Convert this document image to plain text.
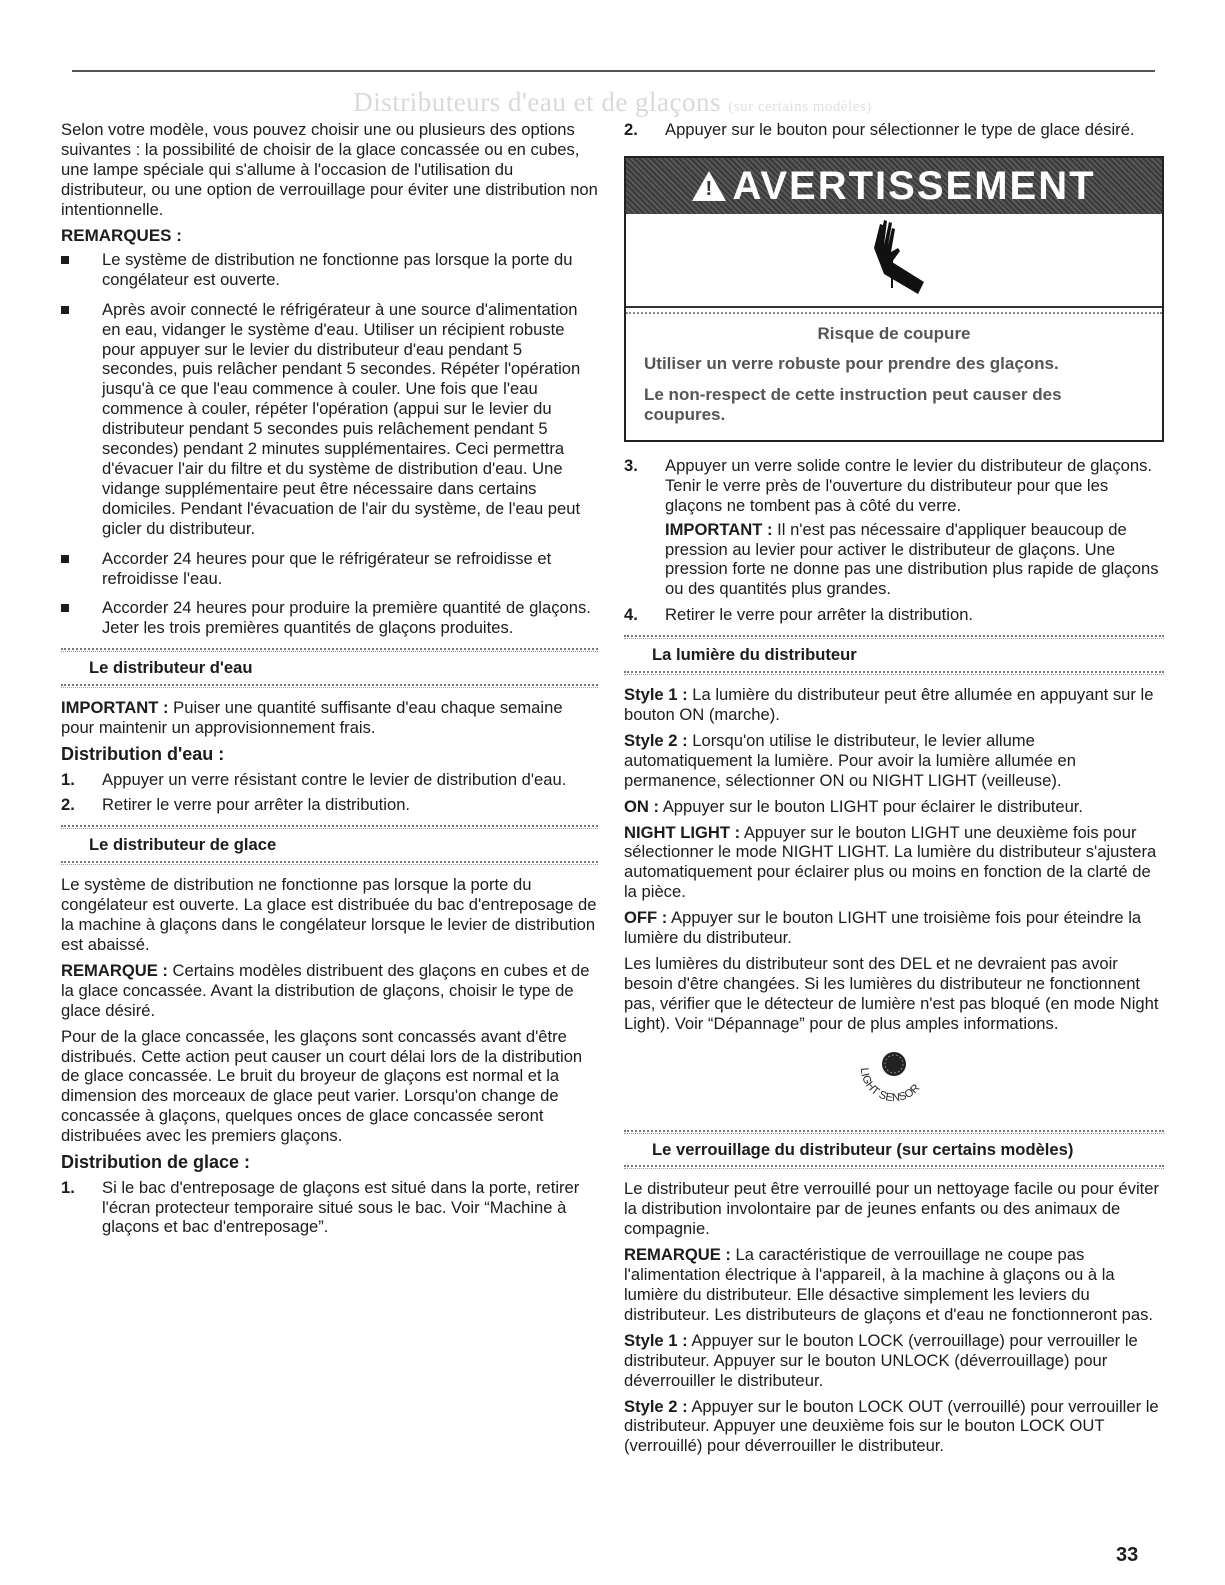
Distributeurs d'eau et de glaçons (sur certains modèles)

Selon votre modèle, vous pouvez choisir une ou plusieurs des options suivantes : la possibilité de choisir de la glace concassée ou en cubes, une lampe spéciale qui s'allume à l'occasion de l'utilisation du distributeur, ou une option de verrouillage pour éviter une distribution non intentionnelle.

REMARQUES :
Le système de distribution ne fonctionne pas lorsque la porte du congélateur est ouverte.
Après avoir connecté le réfrigérateur à une source d'alimentation en eau, vidanger le système d'eau. Utiliser un récipient robuste pour appuyer sur le levier du distributeur d'eau pendant 5 secondes, puis relâcher pendant 5 secondes. Répéter l'opération jusqu'à ce que l'eau commence à couler. Une fois que l'eau commence à couler, répéter l'opération (appui sur le levier du distributeur pendant 5 secondes puis relâchement pendant 5 secondes) pendant 2 minutes supplémentaires. Ceci permettra d'évacuer l'air du filtre et du système de distribution d'eau. Une vidange supplémentaire peut être nécessaire dans certains domiciles. Pendant l'évacuation de l'air du système, de l'eau peut gicler du distributeur.
Accorder 24 heures pour que le réfrigérateur se refroidisse et refroidisse l'eau.
Accorder 24 heures pour produire la première quantité de glaçons. Jeter les trois premières quantités de glaçons produites.
Le distributeur d'eau

IMPORTANT : Puiser une quantité suffisante d'eau chaque semaine pour maintenir un approvisionnement frais.

Distribution d'eau :
1. Appuyer un verre résistant contre le levier de distribution d'eau.
2. Retirer le verre pour arrêter la distribution.
Le distributeur de glace

Le système de distribution ne fonctionne pas lorsque la porte du congélateur est ouverte. La glace est distribuée du bac d'entreposage de la machine à glaçons dans le congélateur lorsque le levier de distribution est abaissé.

REMARQUE : Certains modèles distribuent des glaçons en cubes et de la glace concassée. Avant la distribution de glaçons, choisir le type de glace désiré.

Pour de la glace concassée, les glaçons sont concassés avant d'être distribués. Cette action peut causer un court délai lors de la distribution de glace concassée. Le bruit du broyeur de glaçons est normal et la dimension des morceaux de glace peut varier. Lorsqu'on change de concassée à glaçons, quelques onces de glace concassée seront distribuées avec les premiers glaçons.

Distribution de glace :
1. Si le bac d'entreposage de glaçons est situé dans la porte, retirer l'écran protecteur temporaire situé sous le bac. Voir “Machine à glaçons et bac d'entreposage”.
2. Appuyer sur le bouton pour sélectionner le type de glace désiré.
!
AVERTISSEMENT
Risque de coupure

Utiliser un verre robuste pour prendre des glaçons.

Le non-respect de cette instruction peut causer des coupures.

3. Appuyer un verre solide contre le levier du distributeur de glaçons. Tenir le verre près de l'ouverture du distributeur pour que les glaçons ne tombent pas à côté du verre.
IMPORTANT : Il n'est pas nécessaire d'appliquer beaucoup de pression au levier pour activer le distributeur de glaçons. Une pression forte ne donne pas une distribution plus rapide de glaçons ou des quantités plus grandes.
4. Retirer le verre pour arrêter la distribution.
La lumière du distributeur

Style 1 : La lumière du distributeur peut être allumée en appuyant sur le bouton ON (marche).

Style 2 : Lorsqu'on utilise le distributeur, le levier allume automatiquement la lumière. Pour avoir la lumière allumée en permanence, sélectionner ON ou NIGHT LIGHT (veilleuse).

ON : Appuyer sur le bouton LIGHT pour éclairer le distributeur.

NIGHT LIGHT : Appuyer sur le bouton LIGHT une deuxième fois pour sélectionner le mode NIGHT LIGHT. La lumière du distributeur s'ajustera automatiquement pour éclairer plus ou moins en fonction de la clarté de la pièce.

OFF : Appuyer sur le bouton LIGHT une troisième fois pour éteindre la lumière du distributeur.

Les lumières du distributeur sont des DEL et ne devraient pas avoir besoin d'être changées. Si les lumières du distributeur ne fonctionnent pas, vérifier que le détecteur de lumière n'est pas bloqué (en mode Night Light). Voir “Dépannage” pour de plus amples informations.

LIGHT SENSOR
Le verrouillage du distributeur (sur certains modèles)

Le distributeur peut être verrouillé pour un nettoyage facile ou pour éviter la distribution involontaire par de jeunes enfants ou des animaux de compagnie.

REMARQUE : La caractéristique de verrouillage ne coupe pas l'alimentation électrique à l'appareil, à la machine à glaçons ou à la lumière du distributeur. Elle désactive simplement les leviers du distributeur. Les distributeurs de glaçons et d'eau ne fonctionneront pas.

Style 1 : Appuyer sur le bouton LOCK (verrouillage) pour verrouiller le distributeur. Appuyer sur le bouton UNLOCK (déverrouillage) pour déverrouiller le distributeur.

Style 2 : Appuyer sur le bouton LOCK OUT (verrouillé) pour verrouiller le distributeur. Appuyer une deuxième fois sur le bouton LOCK OUT (verrouillé) pour déverrouiller le distributeur.

33
